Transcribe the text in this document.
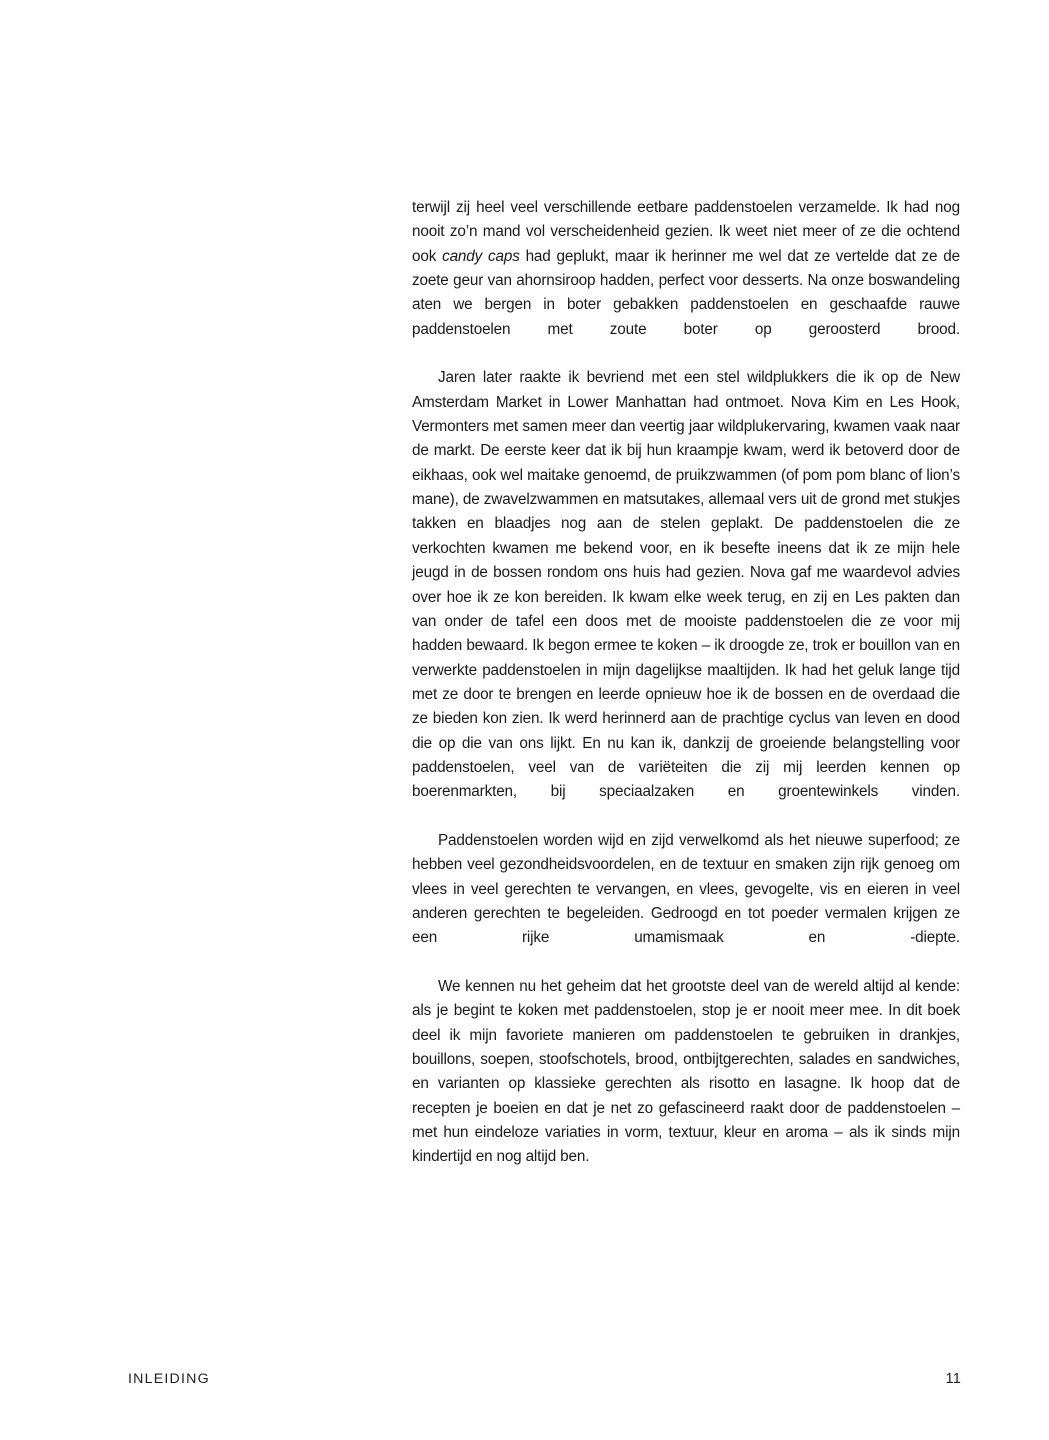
terwijl zij heel veel verschillende eetbare paddenstoelen verzamelde. Ik had nog nooit zo’n mand vol verscheidenheid gezien. Ik weet niet meer of ze die ochtend ook candy caps had geplukt, maar ik herinner me wel dat ze vertelde dat ze de zoete geur van ahornsiroop hadden, perfect voor desserts. Na onze boswandeling aten we bergen in boter gebakken paddenstoelen en geschaafde rauwe paddenstoelen met zoute boter op geroosterd brood.

Jaren later raakte ik bevriend met een stel wildplukkers die ik op de New Amsterdam Market in Lower Manhattan had ontmoet. Nova Kim en Les Hook, Vermonters met samen meer dan veertig jaar wildplukervaring, kwamen vaak naar de markt. De eerste keer dat ik bij hun kraampje kwam, werd ik betoverd door de eikhaas, ook wel maitake genoemd, de pruikzwammen (of pom pom blanc of lion’s mane), de zwavelzwammen en matsutakes, allemaal vers uit de grond met stukjes takken en blaadjes nog aan de stelen geplakt. De paddenstoelen die ze verkochten kwamen me bekend voor, en ik besefte ineens dat ik ze mijn hele jeugd in de bossen rondom ons huis had gezien. Nova gaf me waardevol advies over hoe ik ze kon bereiden. Ik kwam elke week terug, en zij en Les pakten dan van onder de tafel een doos met de mooiste paddenstoelen die ze voor mij hadden bewaard. Ik begon ermee te koken – ik droogde ze, trok er bouillon van en verwerkte paddenstoelen in mijn dagelijkse maaltijden. Ik had het geluk lange tijd met ze door te brengen en leerde opnieuw hoe ik de bossen en de overdaad die ze bieden kon zien. Ik werd herinnerd aan de prachtige cyclus van leven en dood die op die van ons lijkt. En nu kan ik, dankzij de groeiende belangstelling voor paddenstoelen, veel van de variëteiten die zij mij leerden kennen op boerenmarkten, bij speciaalzaken en groentewinkels vinden.

Paddenstoelen worden wijd en zijd verwelkomd als het nieuwe superfood; ze hebben veel gezondheidsvoordelen, en de textuur en smaken zijn rijk genoeg om vlees in veel gerechten te vervangen, en vlees, gevogelte, vis en eieren in veel anderen gerechten te begeleiden. Gedroogd en tot poeder vermalen krijgen ze een rijke umamismaak en -diepte.

We kennen nu het geheim dat het grootste deel van de wereld altijd al kende: als je begint te koken met paddenstoelen, stop je er nooit meer mee. In dit boek deel ik mijn favoriete manieren om paddenstoelen te gebruiken in drankjes, bouillons, soepen, stoofschotels, brood, ontbijtgerechten, salades en sandwiches, en varianten op klassieke gerechten als risotto en lasagne. Ik hoop dat de recepten je boeien en dat je net zo gefascineerd raakt door de paddenstoelen – met hun eindeloze variaties in vorm, textuur, kleur en aroma – als ik sinds mijn kindertijd en nog altijd ben.

INLEIDING	11
